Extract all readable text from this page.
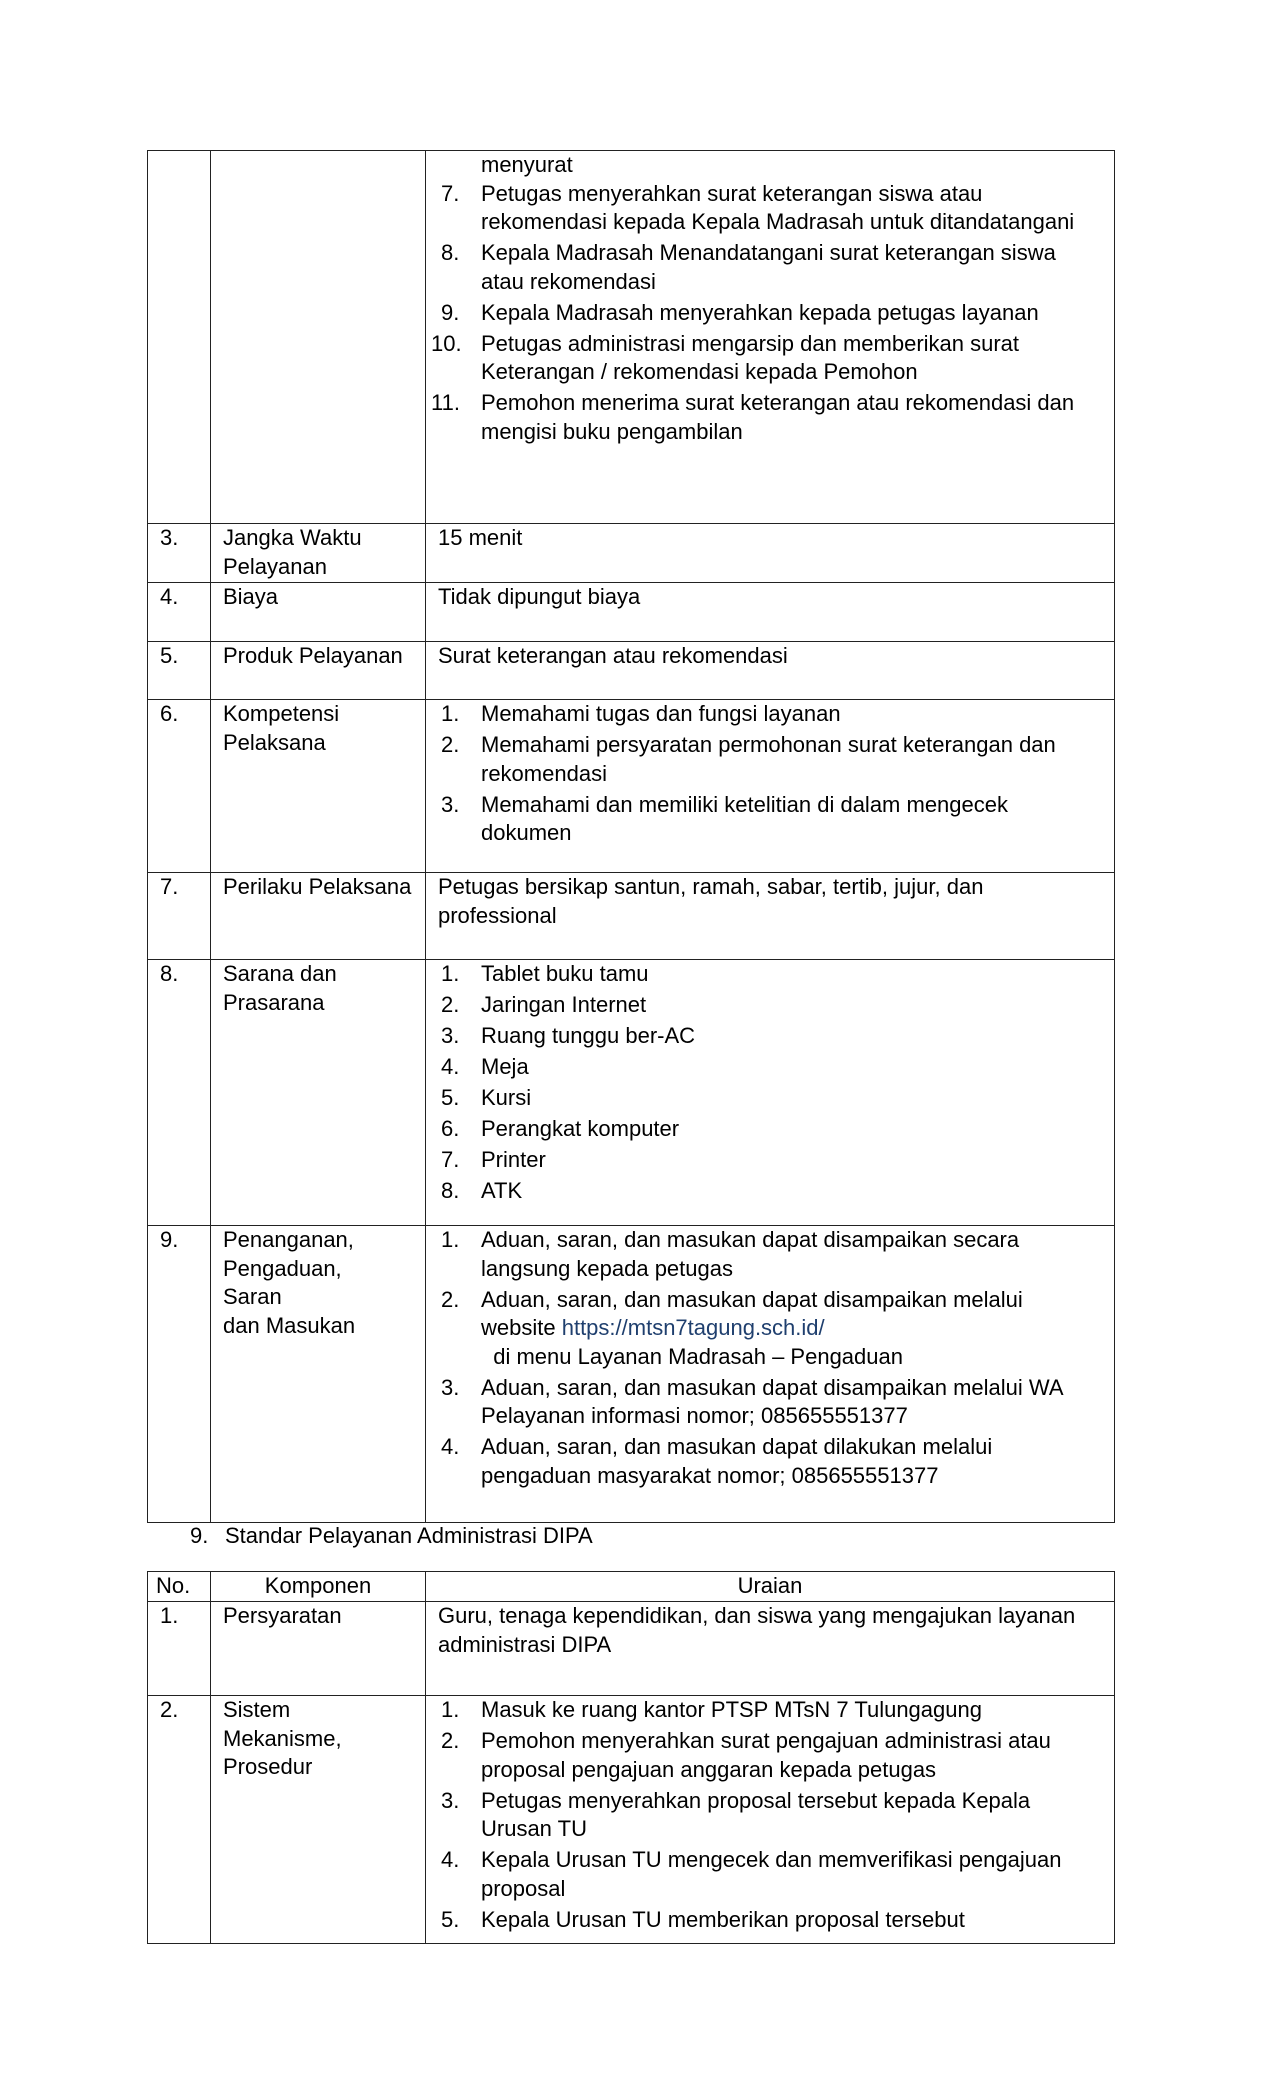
menyurat
7. Petugas menyerahkan surat keterangan siswa atau rekomendasi kepada Kepala Madrasah untuk ditandatangani
8. Kepala Madrasah Menandatangani surat keterangan siswa atau rekomendasi
9. Kepala Madrasah menyerahkan kepada petugas layanan
10. Petugas administrasi mengarsip dan memberikan surat Keterangan / rekomendasi kepada Pemohon
11. Pemohon menerima surat keterangan atau rekomendasi dan mengisi buku pengambilan

3.	Jangka Waktu Pelayanan	15 menit
4.	Biaya	Tidak dipungut biaya
5.	Produk Pelayanan	Surat keterangan atau rekomendasi
6.	Kompetensi Pelaksana	
1. Memahami tugas dan fungsi layanan
2. Memahami persyaratan permohonan surat keterangan dan rekomendasi
3. Memahami dan memiliki ketelitian di dalam mengecek dokumen

7.	Perilaku Pelaksana	Petugas bersikap santun, ramah, sabar, tertib, jujur, dan professional
8.	Sarana dan Prasarana	
1. Tablet buku tamu
2. Jaringan Internet
3. Ruang tunggu ber-AC
4. Meja
5. Kursi
6. Perangkat komputer
7. Printer
8. ATK

9.	Penanganan,
Pengaduan,
Saran
dan Masukan

1. Aduan, saran, dan masukan dapat disampaikan secara langsung kepada petugas
2. Aduan, saran, dan masukan dapat disampaikan melalui website https://mtsn7tagung.sch.id/  di menu Layanan Madrasah – Pengaduan
3. Aduan, saran, dan masukan dapat disampaikan melalui WA Pelayanan informasi nomor; 085655551377
4. Aduan, saran, dan masukan dapat dilakukan melalui pengaduan masyarakat nomor; 085655551377
9. Standar Pelayanan Administrasi DIPA
No.	Komponen	Uraian
1.	Persyaratan	Guru, tenaga kependidikan, dan siswa yang mengajukan layanan administrasi DIPA
2.	Sistem
Mekanisme,
Prosedur

1. Masuk ke ruang kantor PTSP MTsN 7 Tulungagung
2. Pemohon menyerahkan surat pengajuan administrasi atau proposal pengajuan anggaran kepada petugas
3. Petugas menyerahkan proposal tersebut kepada Kepala Urusan TU
4. Kepala Urusan TU mengecek dan memverifikasi pengajuan proposal
5. Kepala Urusan TU memberikan proposal tersebut
